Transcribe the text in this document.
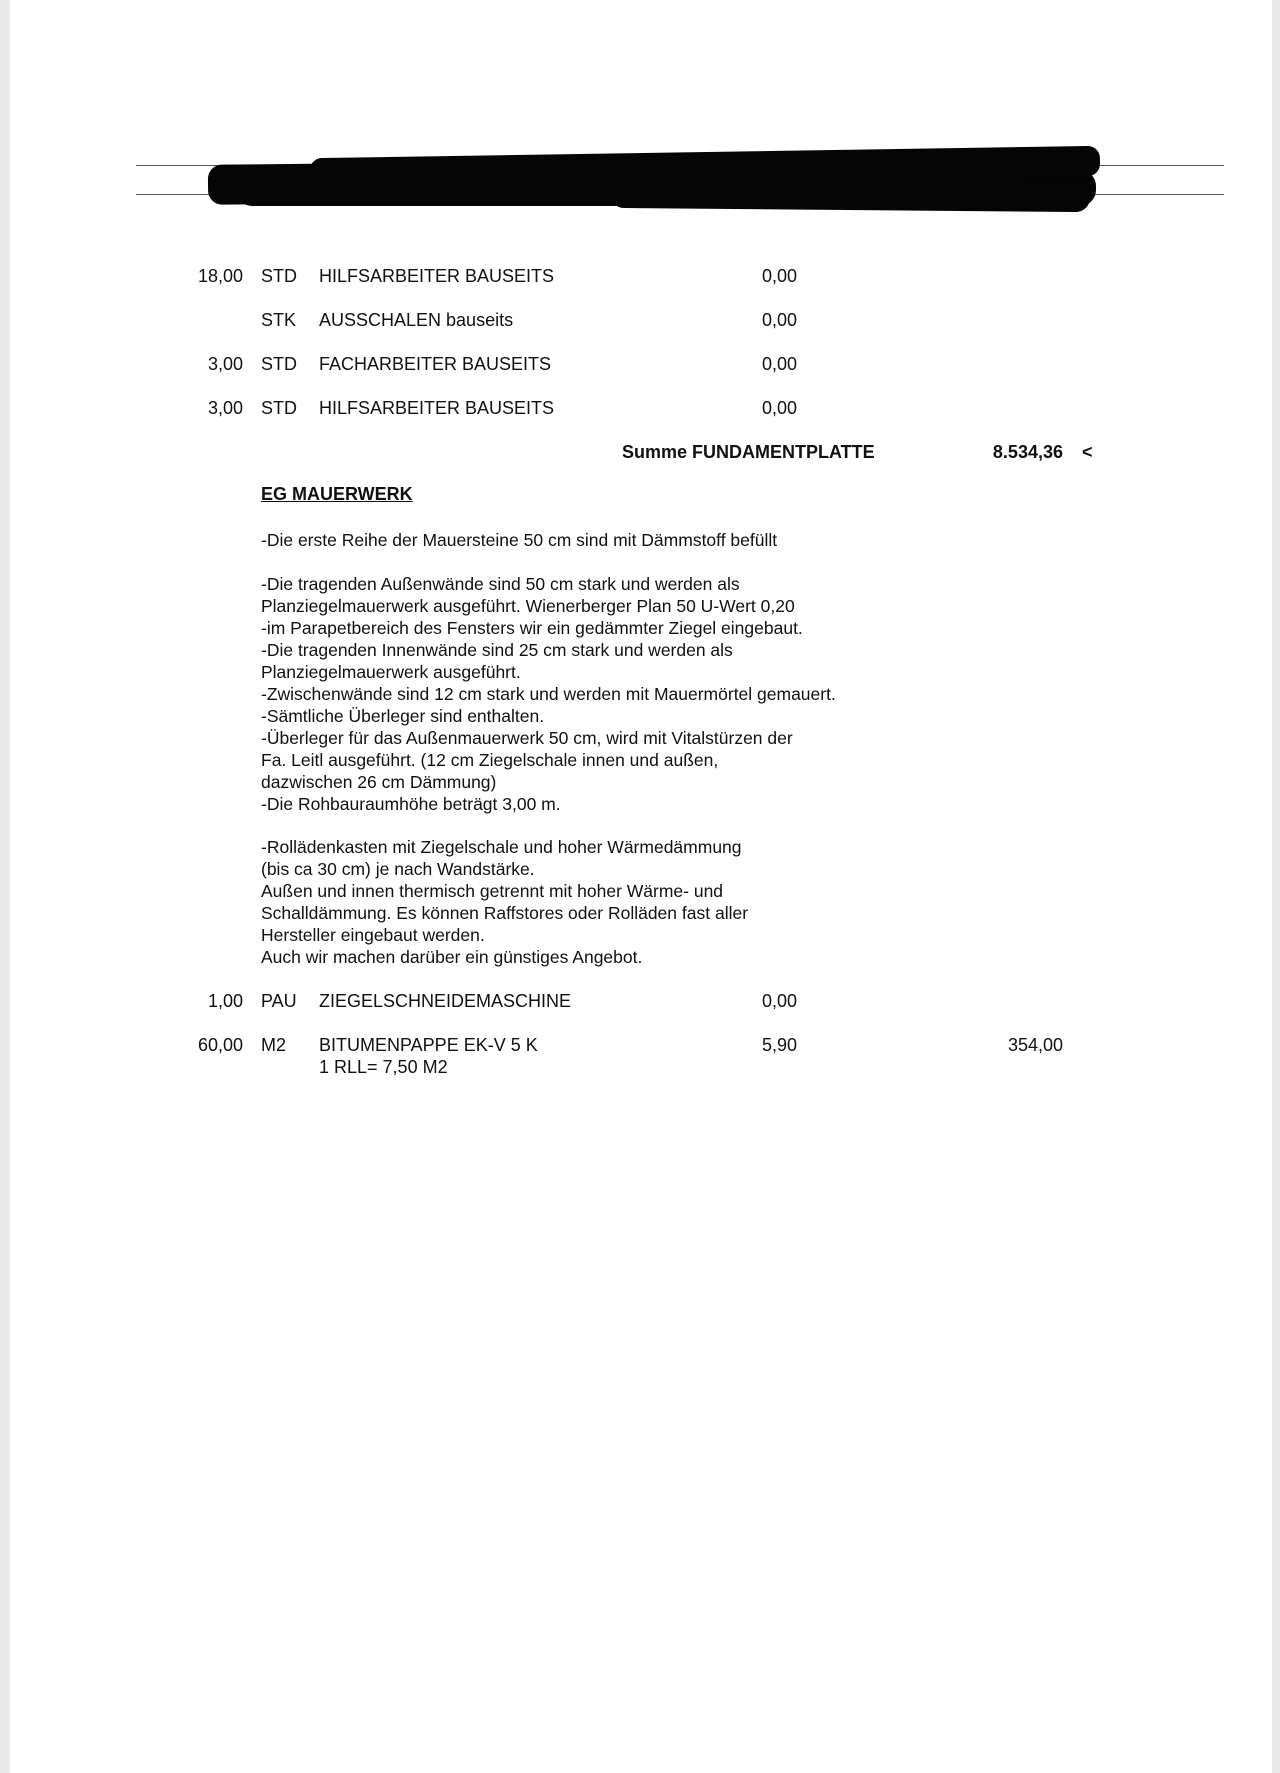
18,00 STD HILFSARBEITER BAUSEITS	0,00
STK AUSSCHALEN bauseits	0,00
3,00 STD FACHARBEITER BAUSEITS	0,00
3,00 STD HILFSARBEITER BAUSEITS	0,00
Summe FUNDAMENTPLATTE	8.534,36 <
EG MAUERWERK
-Die erste Reihe der Mauersteine 50 cm sind mit Dämmstoff befüllt
-Die tragenden Außenwände sind 50 cm stark und werden als
Planziegelmauerwerk ausgeführt. Wienerberger Plan 50 U-Wert 0,20
-im Parapetbereich des Fensters wir ein gedämmter Ziegel eingebaut.
-Die tragenden Innenwände sind 25 cm stark und werden als
Planziegelmauerwerk ausgeführt.
-Zwischenwände sind 12 cm stark und werden mit Mauermörtel gemauert.
-Sämtliche Überleger sind enthalten.
-Überleger für das Außenmauerwerk 50 cm, wird mit Vitalstürzen der
Fa. Leitl ausgeführt. (12 cm Ziegelschale innen und außen,
dazwischen 26 cm Dämmung)
-Die Rohbauraumhöhe beträgt 3,00 m.
-Rollädenkasten mit Ziegelschale und hoher Wärmedämmung
(bis ca 30 cm) je nach Wandstärke.
Außen und innen thermisch getrennt mit hoher Wärme- und
Schalldämmung. Es können Raffstores oder Rolläden fast aller
Hersteller eingebaut werden.
Auch wir machen darüber ein günstiges Angebot.
1,00 PAU ZIEGELSCHNEIDEMASCHINE	0,00
60,00 M2 BITUMENPAPPE EK-V 5 K	5,90	354,00
1 RLL= 7,50 M2
